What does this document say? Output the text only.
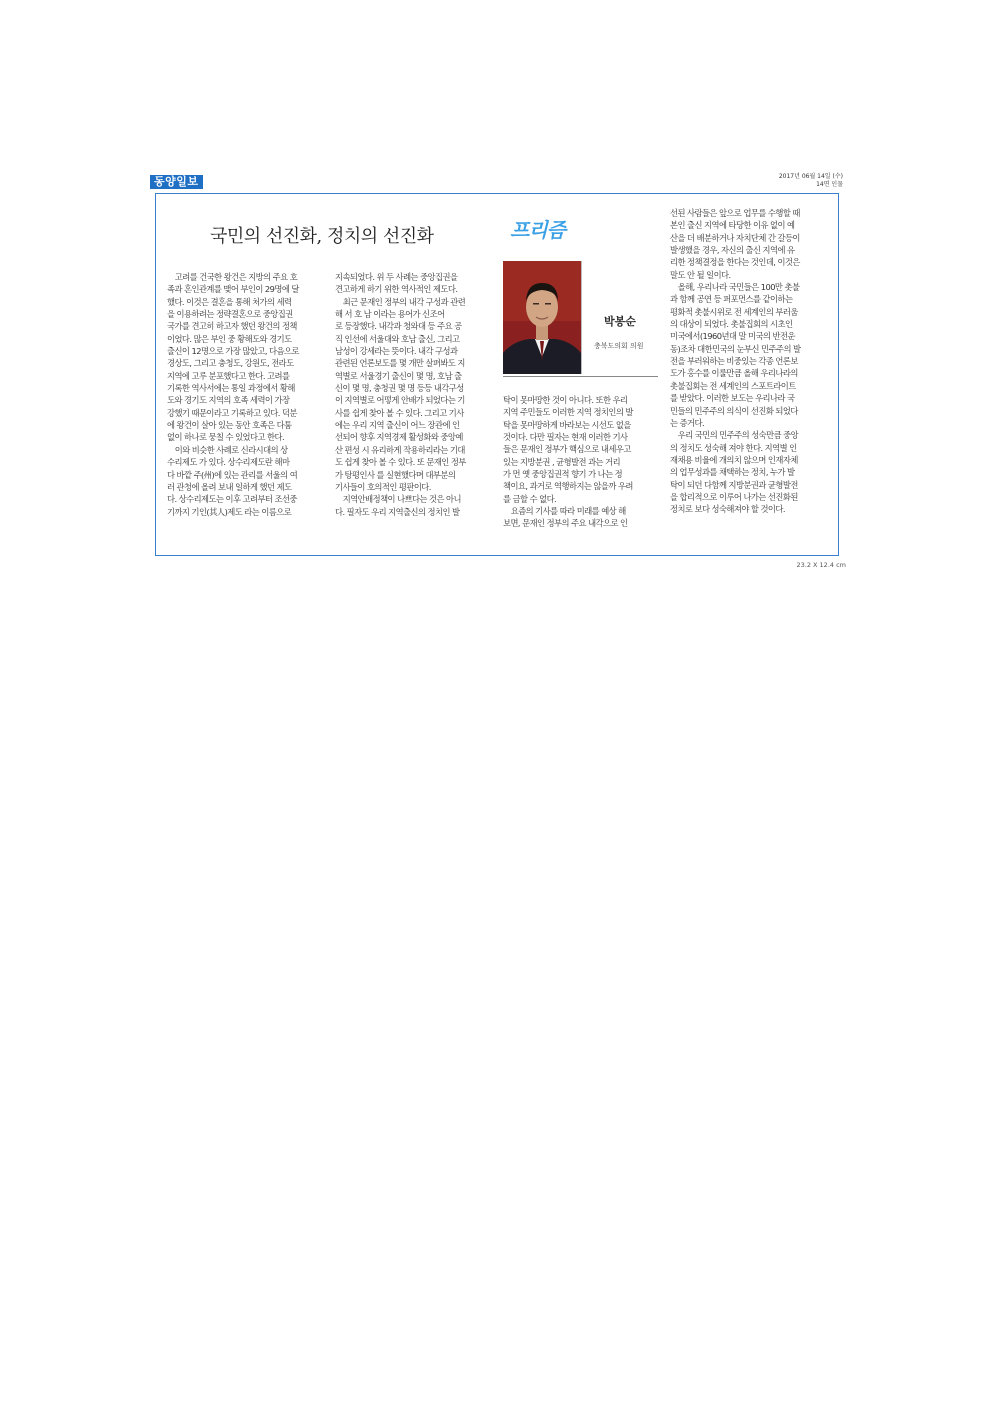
동양일보	2017년 06월 14일 (수)
14면 인물
국민의 선진화, 정치의 선진화	프리즘

　고려를 건국한 왕건은 지방의 주요 호

족과 혼인관계를 맺어 부인이 29명에 달

했다. 이것은 결혼을 통해 처가의 세력

을 이용하려는 정략결혼으로 중앙집권

국가를 견고히 하고자 했던 왕건의 정책

이었다. 많은 부인 중 황해도와 경기도

출신이 12명으로 가장 많았고, 다음으로

경상도, 그리고 충청도, 강원도, 전라도

지역에 고루 분포했다고 한다. 고려를

기록한 역사서에는 통일 과정에서 황해

도와 경기도 지역의 호족 세력이 가장

강했기 때문이라고 기록하고 있다. 덕분

에 왕건이 살아 있는 동안 호족은 다툼

없이 하나로 뭉칠 수 있었다고 한다.

　이와 비슷한 사례로 신라시대의 상

수리제도 가 있다. 상수리제도란 해마

다 바깥 주(州)에 있는 관리를 서울의 여

러 관청에 올려 보내 일하게 했던 제도

다. 상수리제도는 이후 고려부터 조선중

기까지 기인(其人)제도 라는 이름으로

지속되었다. 위 두 사례는 중앙집권을

견고하게 하기 위한 역사적인 제도다.

　최근 문재인 정부의 내각 구성과 관련

해 서 호 남 이라는 용어가 신조어

로 등장했다. 내각과 청와대 등 주요 공

직 인선에 서울대와 호남 출신, 그리고

남성이 강세라는 뜻이다. 내각 구성과

관련된 언론보도를 몇 개만 살펴봐도 지

역별로 서울경기 출신이 몇 명, 호남 출

신이 몇 명, 충청권 몇 명 등등 내각구성

이 지역별로 어떻게 안배가 되었다는 기

사를 쉽게 찾아 볼 수 있다. 그리고 기사

에는 우리 지역 출신이 어느 장관에 인

선되어 향후 지역경제 활성화와 중앙예

산 편성 시 유리하게 작용하리라는 기대

도 쉽게 찾아 볼 수 있다. 또 문재인 정부

가 탕평인사 를 실현했다며 대부분의

기사들이 호의적인 평판이다.

　지역안배정책이 나쁘다는 것은 아니

다. 필자도 우리 지역출신의 정치인 발

탁이 못마땅한 것이 아니다. 또한 우리

지역 주민들도 이러한 지역 정치인의 발

탁을 못마땅하게 바라보는 시선도 없을

것이다. 다만 필자는 현재 이러한 기사

들은 문재인 정부가 핵심으로 내세우고

있는 지방분권 , 균형발전 과는 거리

가 먼 옛 중앙집권적 향기 가 나는 정

책이요, 과거로 역행하지는 않을까 우려

를 금할 수 없다.

　요즘의 기사를 따라 미래를 예상 해

보면, 문재인 정부의 주요 내각으로 인

선된 사람들은 앞으로 업무를 수행할 때

본인 출신 지역에 타당한 이유 없이 예

산을 더 배분하거나 자치단체 간 갈등이

발생했을 경우, 자신의 출신 지역에 유

리한 정책결정을 한다는 것인데, 이것은

말도 안 될 일이다.

　올해, 우리나라 국민들은 100만 촛불

과 함께 공연 등 퍼포먼스를 같이하는

평화적 촛불시위로 전 세계인의 부러움

의 대상이 되었다. 촛불집회의 시초인

미국에서(1960년대 말 미국의 반전운

동)조차 대한민국의 눈부신 민주주의 발

전을 부러워하는 비중있는 각종 언론보

도가 홍수를 이룰만큼 올해 우리나라의

촛불집회는 전 세계인의 스포트라이트

를 받았다. 이러한 보도는 우리나라 국

민들의 민주주의 의식이 선진화 되었다

는 증거다.

　우리 국민의 민주주의 성숙만큼 중앙

의 정치도 성숙해 져야 한다. 지역별 인

재채용 비율에 개의치 않으며 인재자체

의 업무성과를 채택하는 정치, 누가 발

탁이 되던 다함께 지방분권과 균형발전

을 합리적으로 이루어 나가는 선진화된

정치로 보다 성숙해져야 할 것이다.

박봉순
충북도의회 의원
23.2 X 12.4 cm
